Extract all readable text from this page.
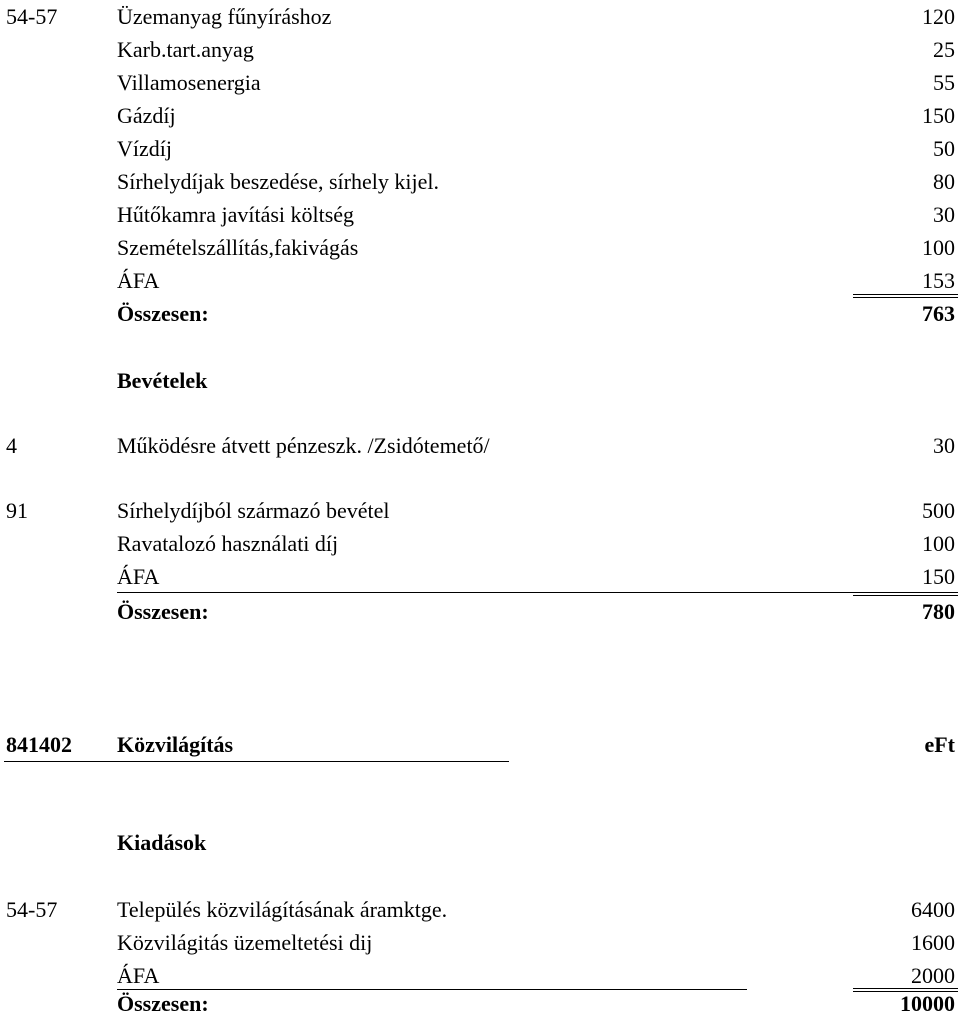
54-57	Üzemanyag fűnyíráshoz	120
Karb.tart.anyag	25
Villamosenergia	55
Gázdíj	150
Vízdíj	50
Sírhelydíjak beszedése, sírhely kijel.	80
Hűtőkamra javítási költség	30
Szemételszállítás,fakivágás	100
ÁFA	153
Összesen:	763
Bevételek
4	Működésre átvett pénzeszk. /Zsidótemető/	30
91	Sírhelydíjból származó bevétel	500
Ravatalozó használati díj	100
ÁFA	150
Összesen:	780
841402 Közvilágítás	eFt
Kiadások
54-57	Település közvilágításának áramktge.	6400
Közvilágitás üzemeltetési dij	1600
ÁFA	2000
Összesen:	10000
